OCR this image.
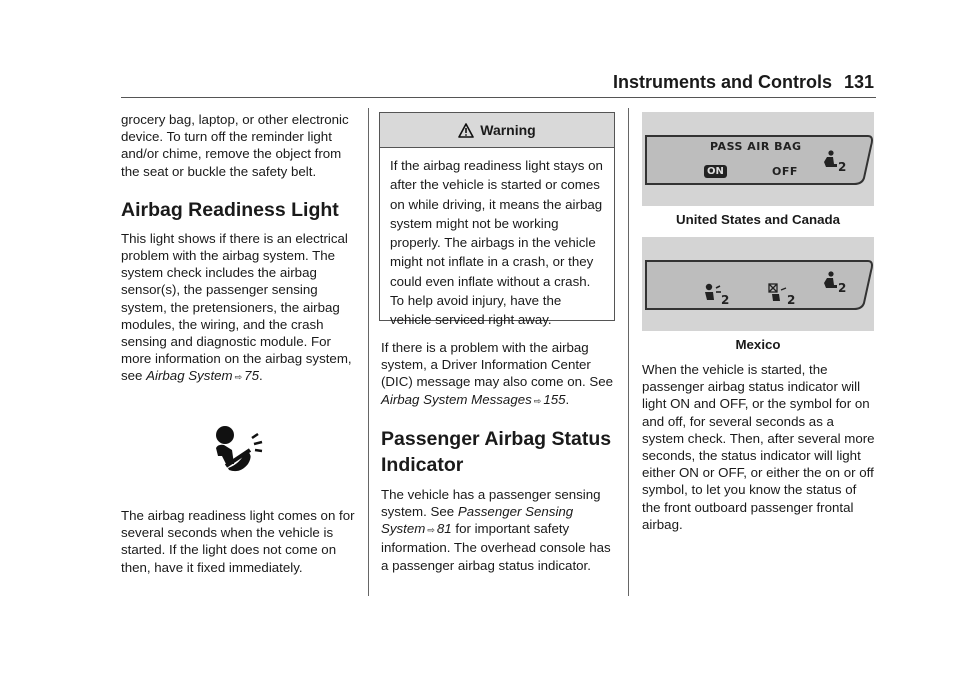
Instruments and Controls 131

grocery bag, laptop, or other electronic device. To turn off the reminder light and/or chime, remove the object from the seat or buckle the safety belt.

Airbag Readiness Light

This light shows if there is an electrical problem with the airbag system. The system check includes the airbag sensor(s), the passenger sensing system, the pretensioners, the airbag modules, the wiring, and the crash sensing and diagnostic module. For more information on the airbag system, see Airbag System ⇨ 75.

The airbag readiness light comes on for several seconds when the vehicle is started. If the light does not come on then, have it fixed immediately.

Warning
If the airbag readiness light stays on after the vehicle is started or comes on while driving, it means the airbag system might not be working properly. The airbags in the vehicle might not inflate in a crash, or they could even inflate without a crash. To help avoid injury, have the vehicle serviced right away.

If there is a problem with the airbag system, a Driver Information Center (DIC) message may also come on. See Airbag System Messages ⇨ 155.

Passenger Airbag Status Indicator

The vehicle has a passenger sensing system. See Passenger Sensing System ⇨ 81 for important safety information. The overhead console has a passenger airbag status indicator.

PASS AIR BAG
ON	OFF	2
United States and Canada
2	2
2
Mexico

When the vehicle is started, the passenger airbag status indicator will light ON and OFF, or the symbol for on and off, for several seconds as a system check. Then, after several more seconds, the status indicator will light either ON or OFF, or either the on or off symbol, to let you know the status of the front outboard passenger frontal airbag.
